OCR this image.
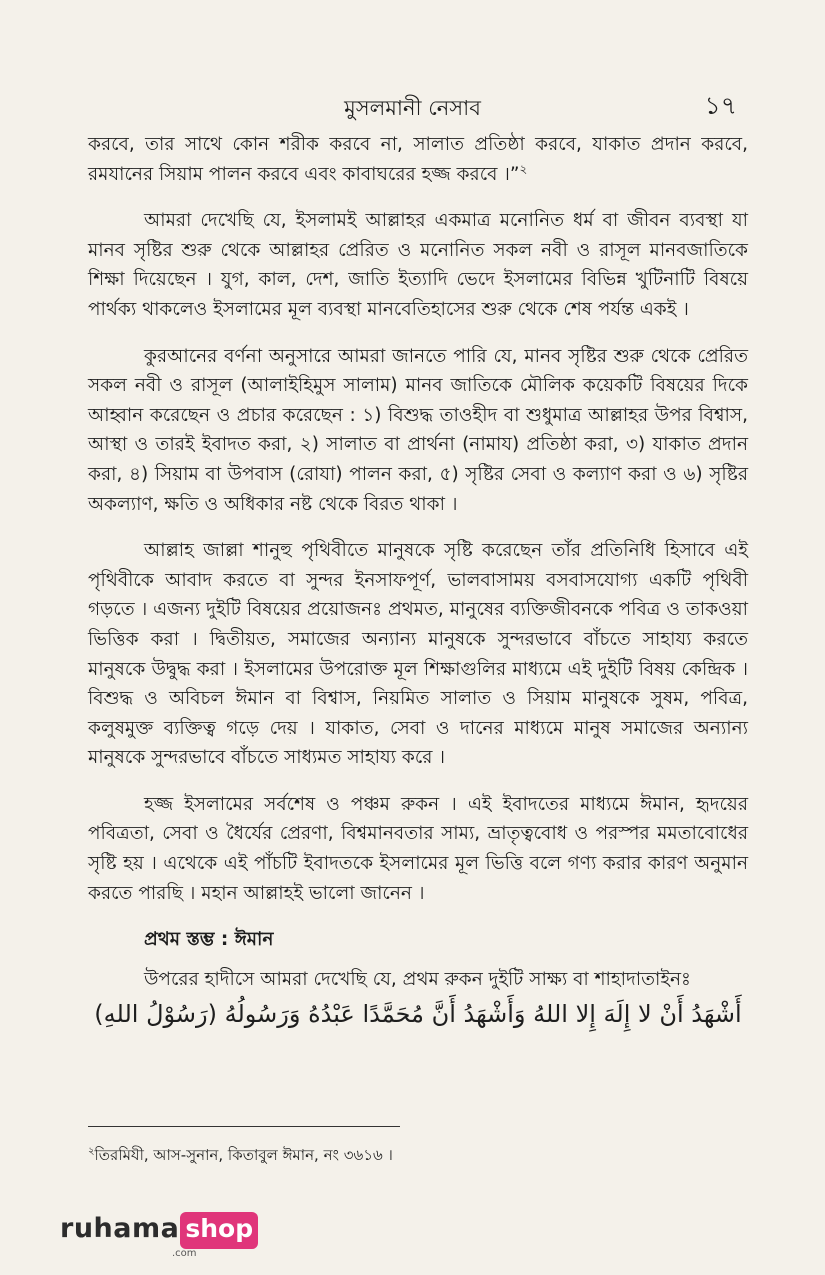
মুসলমানী নেসাব	১৭

করবে, তার সাথে কোন শরীক করবে না, সালাত প্রতিষ্ঠা করবে, যাকাত প্রদান করবে, রমযানের সিয়াম পালন করবে এবং কাবাঘরের হজ্জ করবে ।”$^২$

আমরা দেখেছি যে, ইসলামই আল্লাহর একমাত্র মনোনিত ধর্ম বা জীবন ব্যবস্থা যা মানব সৃষ্টির শুরু থেকে আল্লাহর প্রেরিত ও মনোনিত সকল নবী ও রাসূল মানবজাতিকে শিক্ষা দিয়েছেন । যুগ, কাল, দেশ, জাতি ইত্যাদি ভেদে ইসলামের বিভিন্ন খুটিনাটি বিষয়ে পার্থক্য থাকলেও ইসলামের মূল ব্যবস্থা মানবেতিহাসের শুরু থেকে শেষ পর্যন্ত একই ।

কুরআনের বর্ণনা অনুসারে আমরা জানতে পারি যে, মানব সৃষ্টির শুরু থেকে প্রেরিত সকল নবী ও রাসূল (আলাইহিমুস সালাম) মানব জাতিকে মৌলিক কয়েকটি বিষয়ের দিকে আহ্বান করেছেন ও প্রচার করেছেন : ১) বিশুদ্ধ তাওহীদ বা শুধুমাত্র আল্লাহর উপর বিশ্বাস, আস্থা ও তারই ইবাদত করা, ২) সালাত বা প্রার্থনা (নামায) প্রতিষ্ঠা করা, ৩) যাকাত প্রদান করা, ৪) সিয়াম বা উপবাস (রোযা) পালন করা, ৫) সৃষ্টির সেবা ও কল্যাণ করা ও ৬) সৃষ্টির অকল্যাণ, ক্ষতি ও অধিকার নষ্ট থেকে বিরত থাকা ।

আল্লাহ জাল্লা শানুহু পৃথিবীতে মানুষকে সৃষ্টি করেছেন তাঁর প্রতিনিধি হিসাবে এই পৃথিবীকে আবাদ করতে বা সুন্দর ইনসাফপূর্ণ, ভালবাসাময় বসবাসযোগ্য একটি পৃথিবী গড়তে । এজন্য দুইটি বিষয়ের প্রয়োজনঃ প্রথমত, মানুষের ব্যক্তিজীবনকে পবিত্র ও তাকওয়া ভিত্তিক করা । দ্বিতীয়ত, সমাজের অন্যান্য মানুষকে সুন্দরভাবে বাঁচতে সাহায্য করতে মানুষকে উদ্বুদ্ধ করা । ইসলামের উপরোক্ত মূল শিক্ষাগুলির মাধ্যমে এই দুইটি বিষয় কেন্দ্রিক । বিশুদ্ধ ও অবিচল ঈমান বা বিশ্বাস, নিয়মিত সালাত ও সিয়াম মানুষকে সুষম, পবিত্র, কলুষমুক্ত ব্যক্তিত্ব গড়ে দেয় । যাকাত, সেবা ও দানের মাধ্যমে মানুষ সমাজের অন্যান্য মানুষকে সুন্দরভাবে বাঁচতে সাধ্যমত সাহায্য করে ।

হজ্জ ইসলামের সর্বশেষ ও পঞ্চম রুকন । এই ইবাদতের মাধ্যমে ঈমান, হৃদয়ের পবিত্রতা, সেবা ও ধৈর্যের প্রেরণা, বিশ্বমানবতার সাম্য, ভ্রাতৃত্ববোধ ও পরস্পর মমতাবোধের সৃষ্টি হয় । এথেকে এই পাঁচটি ইবাদতকে ইসলামের মূল ভিত্তি বলে গণ্য করার কারণ অনুমান করতে পারছি । মহান আল্লাহই ভালো জানেন ।

প্রথম স্তম্ভ : ঈমান

উপরের হাদীসে আমরা দেখেছি যে, প্রথম রুকন দুইটি সাক্ষ্য বা শাহাদাতাইনঃ

أَشْهَدُ أَنْ لا إِلَهَ إِلا اللهُ وَأَشْهَدُ أَنَّ مُحَمَّدًا عَبْدُهُ وَرَسُولُهُ (رَسُوْلُ اللهِ)

$^২$তিরমিযী, আস-সুনান, কিতাবুল ঈমান, নং ৩৬১৬ ।
ruhama shop
.com
